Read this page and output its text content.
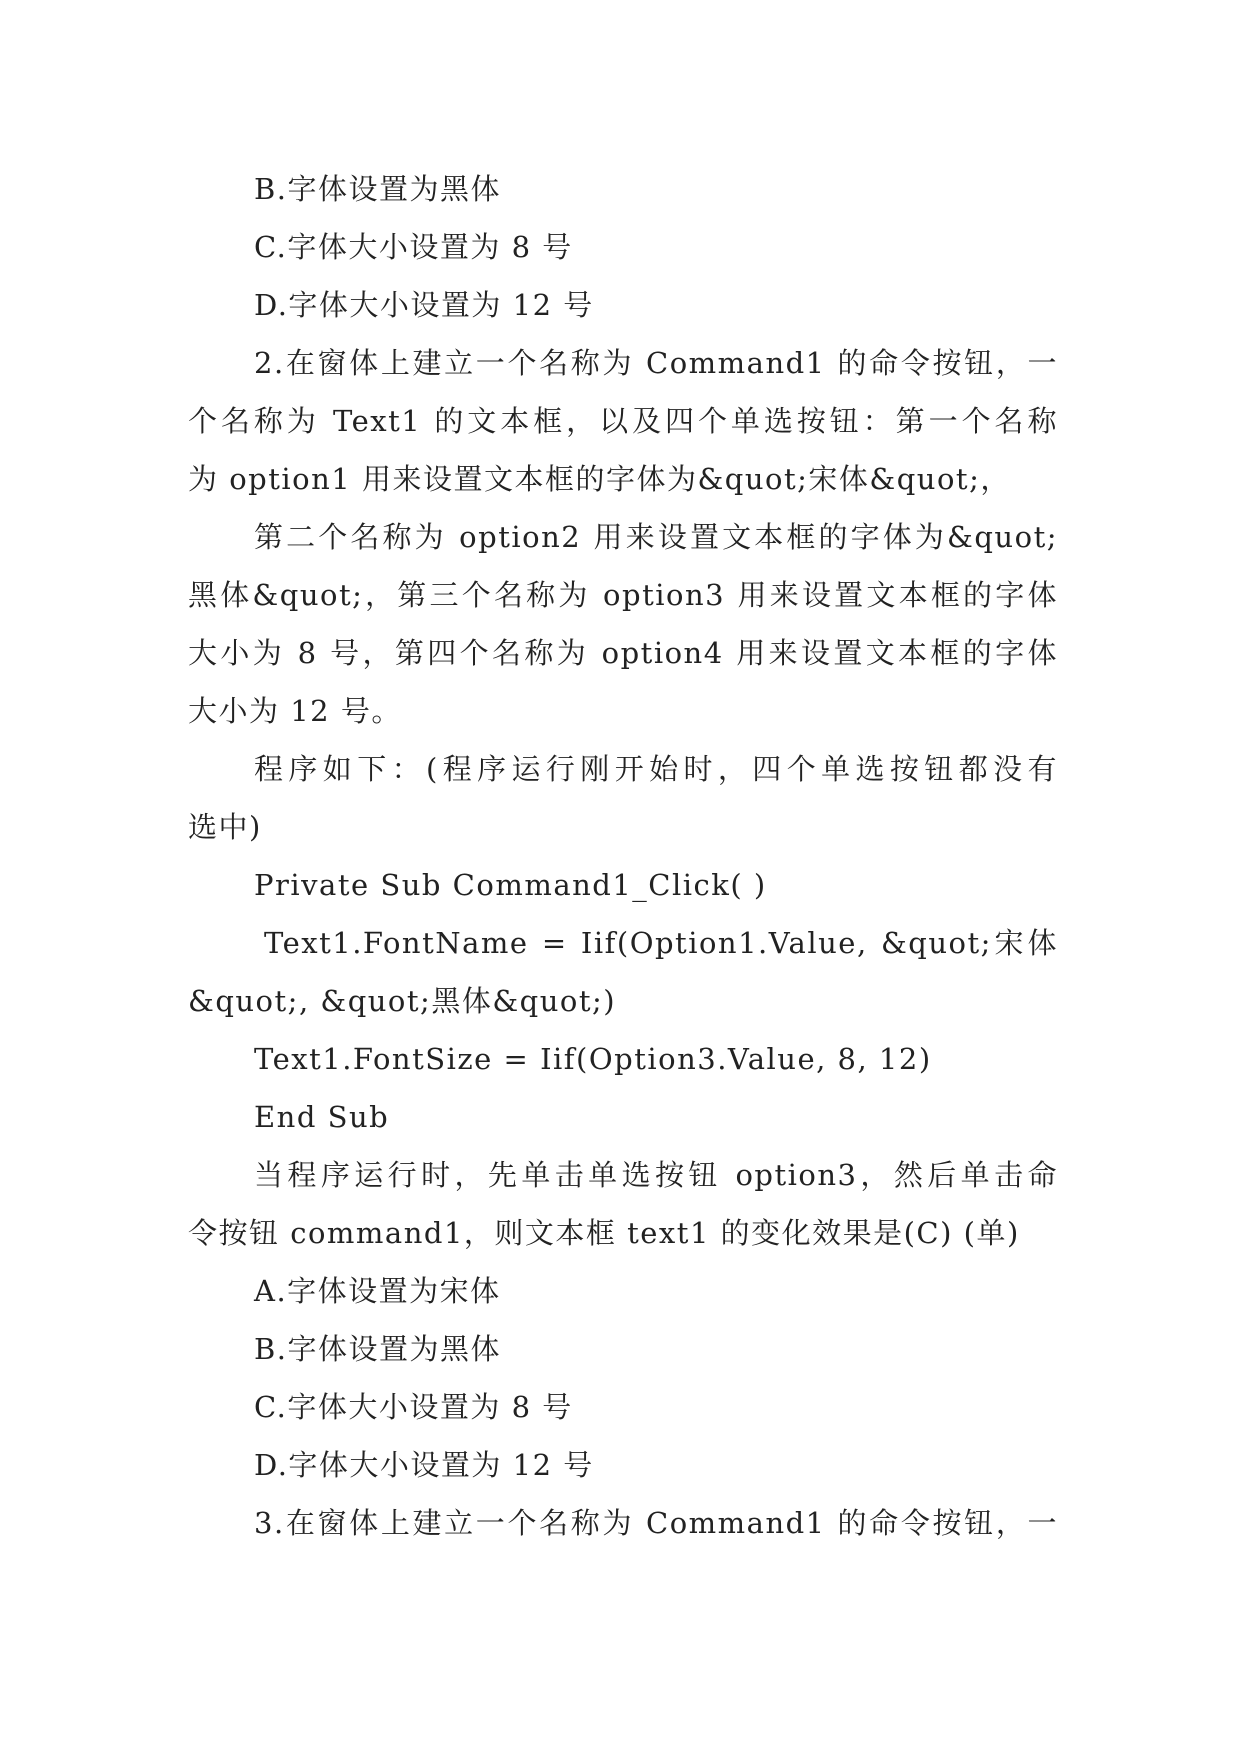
B.字体设置为黑体

C.字体大小设置为 8 号

D.字体大小设置为 12 号

2.在窗体上建立一个名称为 Command1 的命令按钮，一

个名称为 Text1 的文本框，以及四个单选按钮：第一个名称

为 option1 用来设置文本框的字体为&quot;宋体&quot;，

第二个名称为 option2 用来设置文本框的字体为&quot;

黑体&quot;，第三个名称为 option3 用来设置文本框的字体

大小为 8 号，第四个名称为 option4 用来设置文本框的字体

大小为 12 号。

程序如下：(程序运行刚开始时，四个单选按钮都没有

选中)

Private Sub Command1_Click( )

Text1.FontName = Iif(Option1.Value, &quot;宋体

&quot;, &quot;黑体&quot;)

Text1.FontSize = Iif(Option3.Value, 8, 12)

End Sub

当程序运行时，先单击单选按钮 option3，然后单击命

令按钮 command1，则文本框 text1 的变化效果是(C) (单)

A.字体设置为宋体

B.字体设置为黑体

C.字体大小设置为 8 号

D.字体大小设置为 12 号

3.在窗体上建立一个名称为 Command1 的命令按钮，一
